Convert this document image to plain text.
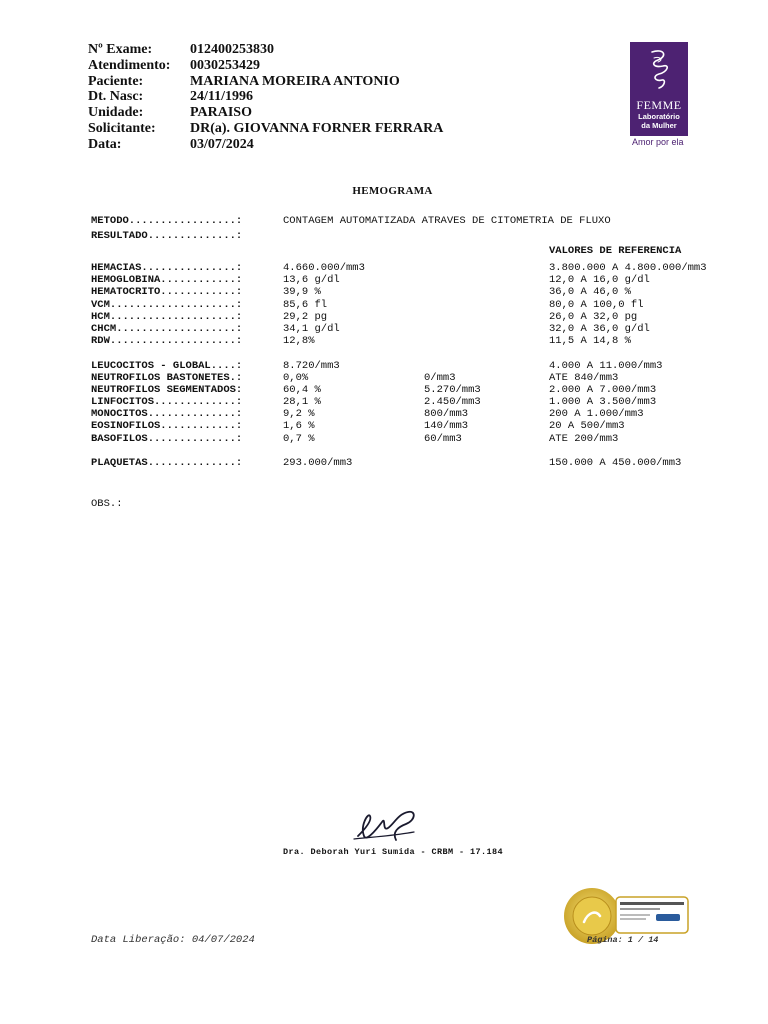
Nº Exame:	012400253830
Atendimento:	0030253429
Paciente:	MARIANA MOREIRA ANTONIO
Dt. Nasc:	24/11/1996
Unidade:	PARAISO
Solicitante:	DR(a). GIOVANNA FORNER FERRARA
Data:	03/07/2024
FEMME
Laboratório
da Mulher
Amor por ela
HEMOGRAMA
METODO.................:	CONTAGEM AUTOMATIZADA ATRAVES DE CITOMETRIA DE FLUXO
RESULTADO..............:
VALORES DE REFERENCIA
HEMACIAS...............:	4.660.000/mm3	3.800.000 A 4.800.000/mm3
HEMOGLOBINA............:	13,6 g/dl	12,0 A 16,0 g/dl
HEMATOCRITO............:	39,9 %	36,0 A 46,0 %
VCM....................:	85,6 fl	80,0 A 100,0 fl
HCM....................:	29,2 pg	26,0 A 32,0 pg
CHCM...................:	34,1 g/dl	32,0 A 36,0 g/dl
RDW....................:	12,8%	11,5 A 14,8 %
LEUCOCITOS - GLOBAL....:	8.720/mm3	4.000 A 11.000/mm3
NEUTROFILOS BASTONETES.:	0,0%	0/mm3	ATE 840/mm3
NEUTROFILOS SEGMENTADOS:	60,4 %	5.270/mm3	2.000 A 7.000/mm3
LINFOCITOS.............:	28,1 %	2.450/mm3	1.000 A 3.500/mm3
MONOCITOS..............:	9,2 %	800/mm3	200 A 1.000/mm3
EOSINOFILOS............:	1,6 %	140/mm3	20 A 500/mm3
BASOFILOS..............:	0,7 %	60/mm3	ATE 200/mm3
PLAQUETAS..............:	293.000/mm3	150.000 A 450.000/mm3
OBS.:
Dra. Deborah Yuri Sumida - CRBM - 17.184
Data Liberação: 04/07/2024	Página: 1 / 14
